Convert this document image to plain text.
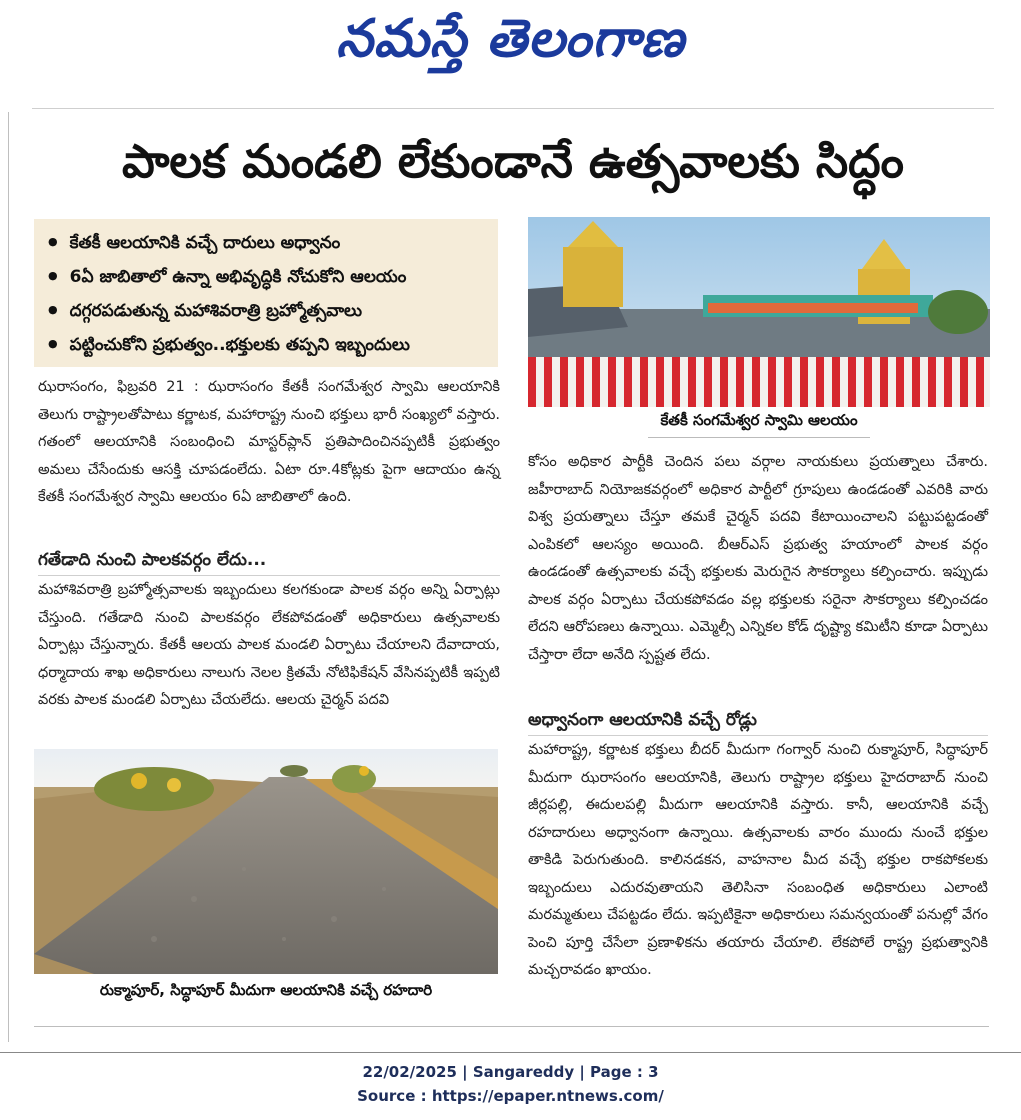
నమస్తే తెలంగాణ
పాలక మండలి లేకుండానే ఉత్సవాలకు సిద్ధం
● కేతకీ ఆలయానికి వచ్చే దారులు అధ్వానం
● 6ఏ జాబితాలో ఉన్నా అభివృద్ధికి నోచుకోని ఆలయం
● దగ్గరపడుతున్న మహాశివరాత్రి బ్రహ్మోత్సవాలు
● పట్టించుకోని ప్రభుత్వం..భక్తులకు తప్పని ఇబ్బందులు

ఝరాసంగం, ఫిబ్రవరి 21 : ఝరాసంగం కేతకీ సంగమేశ్వర స్వామి ఆలయానికి తెలుగు రాష్ట్రాలతోపాటు కర్ణాటక, మహారాష్ట్ర నుంచి భక్తులు భారీ సంఖ్యలో వస్తారు. గతంలో ఆలయానికి సంబంధించి మాస్టర్‌ప్లాన్ ప్రతిపాదించినప్పటికీ ప్రభుత్వం అమలు చేసేందుకు ఆసక్తి చూపడంలేదు. ఏటా రూ.4కోట్లకు పైగా ఆదాయం ఉన్న కేతకీ సంగమేశ్వర స్వామి ఆలయం 6ఏ జాబితాలో ఉంది.

గతేడాది నుంచి పాలకవర్గం లేదు...

మహాశివరాత్రి బ్రహ్మోత్సవాలకు ఇబ్బందులు కలగకుండా పాలక వర్గం అన్ని ఏర్పాట్లు చేస్తుంది. గతేడాది నుంచి పాలకవర్గం లేకపోవడంతో అధికారులు ఉత్సవాలకు ఏర్పాట్లు చేస్తున్నారు. కేతకీ ఆలయ పాలక మండలి ఏర్పాటు చేయాలని దేవాదాయ, ధర్మాదాయ శాఖ అధికారులు నాలుగు నెలల క్రితమే నోటిఫికేషన్ వేసినప్పటికీ ఇప్పటి వరకు పాలక మండలి ఏర్పాటు చేయలేదు. ఆలయ చైర్మన్ పదవి

రుక్మాపూర్, సిద్ధాపూర్ మీదుగా ఆలయానికి వచ్చే రహదారి
కేతకీ సంగమేశ్వర స్వామి ఆలయం

కోసం అధికార పార్టీకి చెందిన పలు వర్గాల నాయకులు ప్రయత్నాలు చేశారు. జహీరాబాద్ నియోజకవర్గంలో అధికార పార్టీలో గ్రూపులు ఉండడంతో ఎవరికి వారు విశ్వ ప్రయత్నాలు చేస్తూ తమకే చైర్మన్ పదవి కేటాయించాలని పట్టుపట్టడంతో ఎంపికలో ఆలస్యం అయింది. బీఆర్‌ఎస్ ప్రభుత్వ హయాంలో పాలక వర్గం ఉండడంతో ఉత్సవాలకు వచ్చే భక్తులకు మెరుగైన సౌకర్యాలు కల్పించారు. ఇప్పుడు పాలక వర్గం ఏర్పాటు చేయకపోవడం వల్ల భక్తులకు సరైనా సౌకర్యాలు కల్పించడం లేదని ఆరోపణలు ఉన్నాయి. ఎమ్మెల్సీ ఎన్నికల కోడ్ దృష్ట్యా కమిటీని కూడా ఏర్పాటు చేస్తారా లేదా అనేది స్పష్టత లేదు.

అధ్వానంగా ఆలయానికి వచ్చే రోడ్లు

మహారాష్ట్ర, కర్ణాటక భక్తులు బీదర్ మీదుగా గంగ్వార్ నుంచి రుక్మాపూర్, సిద్ధాపూర్ మీదుగా ఝరాసంగం ఆలయానికి, తెలుగు రాష్ట్రాల భక్తులు హైదరాబాద్ నుంచి జీర్లపల్లి, ఈదులపల్లి మీదుగా ఆలయానికి వస్తారు. కానీ, ఆలయానికి వచ్చే రహదారులు అధ్వానంగా ఉన్నాయి. ఉత్సవాలకు వారం ముందు నుంచే భక్తుల తాకిడి పెరుగుతుంది. కాలినడకన, వాహనాల మీద వచ్చే భక్తుల రాకపోకలకు ఇబ్బందులు ఎదురవుతాయని తెలిసినా సంబంధిత అధికారులు ఎలాంటి మరమ్మతులు చేపట్టడం లేదు. ఇప్పటికైనా అధికారులు సమన్వయంతో పనుల్లో వేగం పెంచి పూర్తి చేసేలా ప్రణాళికను తయారు చేయాలి. లేకపోలే రాష్ట్ర ప్రభుత్వానికి మచ్చరావడం ఖాయం.

22/02/2025 | Sangareddy | Page : 3
Source : https://epaper.ntnews.com/
